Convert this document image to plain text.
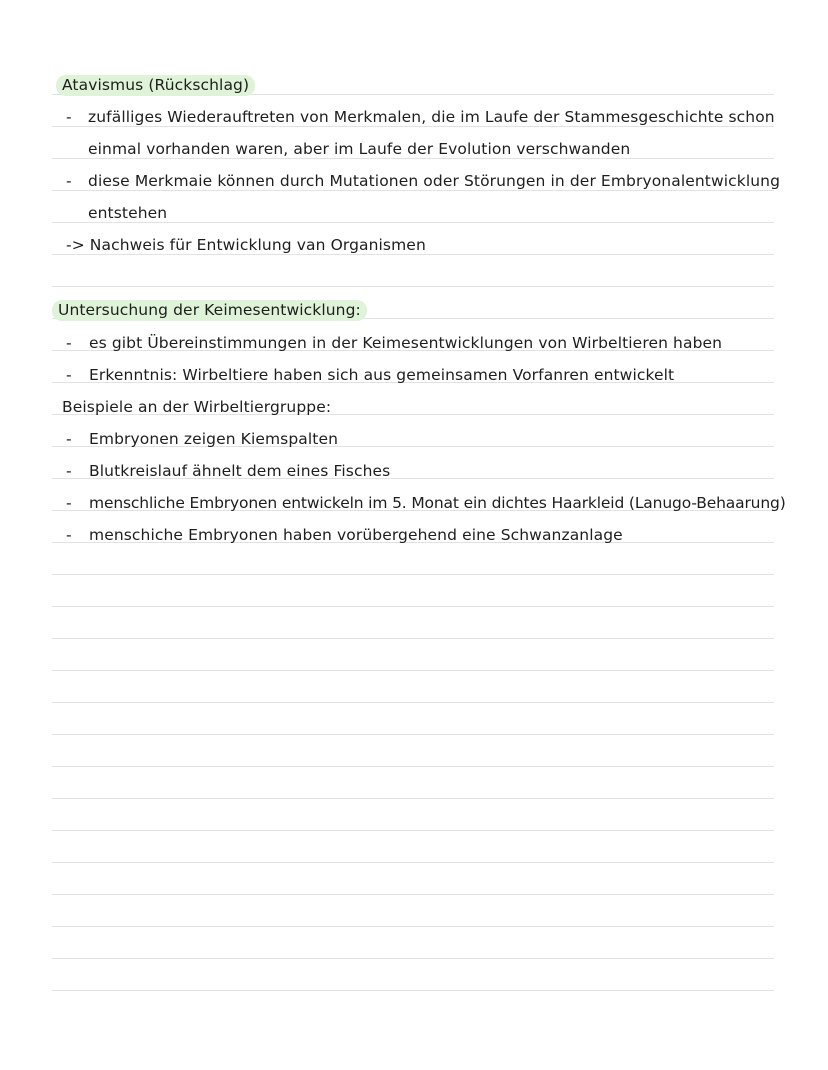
Atavismus (Rückschlag)
- zufälliges Wiederauftreten von Merkmalen, die im Laufe der Stammesgeschichte schon
einmal vorhanden waren, aber im Laufe der Evolution verschwanden
- diese Merkmaie können durch Mutationen oder Störungen in der Embryonalentwicklung
entstehen
-> Nachweis für Entwicklung van Organismen
Untersuchung der Keimesentwicklung:
- es gibt Übereinstimmungen in der Keimesentwicklungen von Wirbeltieren haben
- Erkenntnis: Wirbeltiere haben sich aus gemeinsamen Vorfanren entwickelt
Beispiele an der Wirbeltiergruppe:
- Embryonen zeigen Kiemspalten
- Blutkreislauf ähnelt dem eines Fisches
- menschliche Embryonen entwickeln im 5. Monat ein dichtes Haarkleid (Lanugo-Behaarung)
- menschiche Embryonen haben vorübergehend eine Schwanzanlage
